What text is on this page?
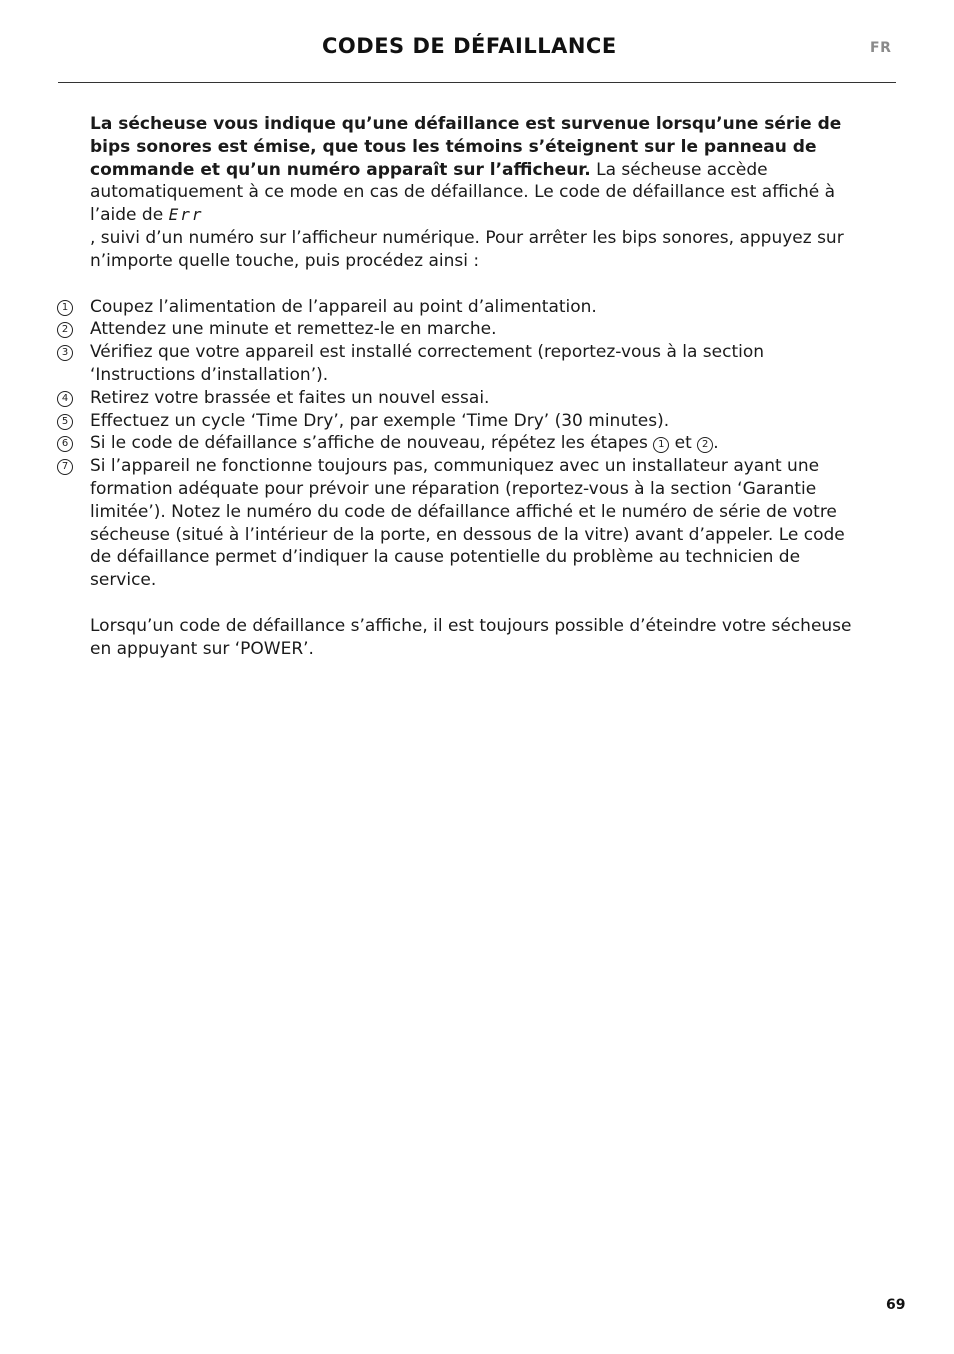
CODES DE DÉFAILLANCE	FR

La sécheuse vous indique qu’une défaillance est survenue lorsqu’une série de bips sonores est émise, que tous les témoins s’éteignent sur le panneau de commande et qu’un numéro apparaît sur l’afficheur. La sécheuse accède automatiquement à ce mode en cas de défaillance. Le code de défaillance est affiché à l’aide de Err
, suivi d’un numéro sur l’afficheur numérique. Pour arrêter les bips sonores, appuyez sur n’importe quelle touche, puis procédez ainsi :

1 Coupez l’alimentation de l’appareil au point d’alimentation.
2 Attendez une minute et remettez-le en marche.
3 Vérifiez que votre appareil est installé correctement (reportez-vous à la section ‘Instructions d’installation’).
4 Retirez votre brassée et faites un nouvel essai.
5 Effectuez un cycle ‘Time Dry’, par exemple ‘Time Dry’ (30 minutes).
6 Si le code de défaillance s’affiche de nouveau, répétez les étapes 1 et 2 .
7 Si l’appareil ne fonctionne toujours pas, communiquez avec un installateur ayant une formation adéquate pour prévoir une réparation (reportez-vous à la section ‘Garantie limitée’). Notez le numéro du code de défaillance affiché et le numéro de série de votre sécheuse (situé à l’intérieur de la porte, en dessous de la vitre) avant d’appeler. Le code de défaillance permet d’indiquer la cause potentielle du problème au technicien de service.

Lorsqu’un code de défaillance s’affiche, il est toujours possible d’éteindre votre sécheuse en appuyant sur ‘POWER’.

69
